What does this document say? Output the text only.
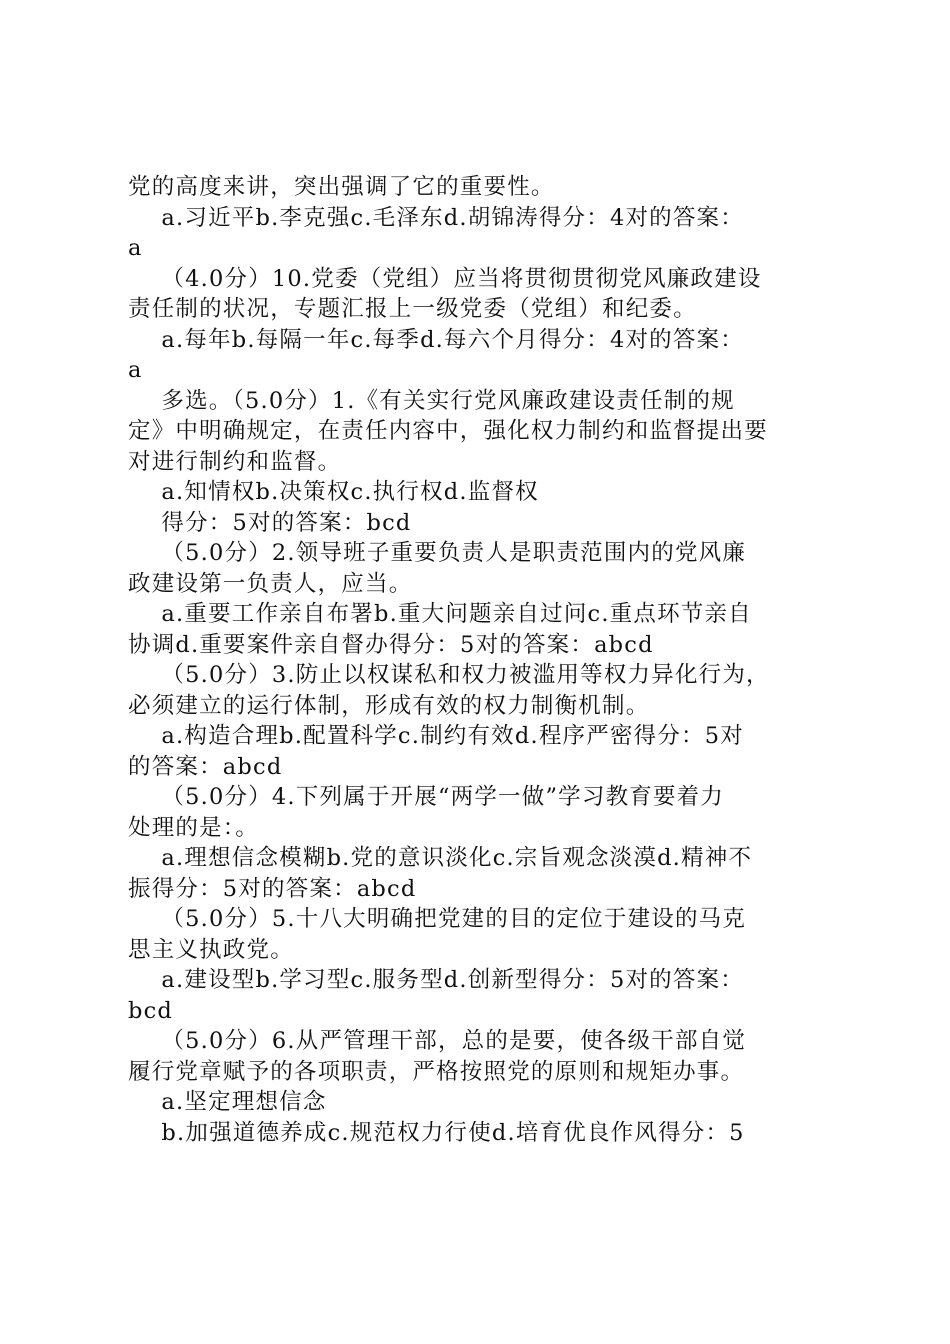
党的高度来讲，突出强调了它的重要性。
a.习近平b.李克强c.毛泽东d.胡锦涛得分：4对的答案：
a
（4.0分）10.党委（党组）应当将贯彻贯彻党风廉政建设
责任制的状况，专题汇报上一级党委（党组）和纪委。
a.每年b.每隔一年c.每季d.每六个月得分：4对的答案：
a
多选。（5.0分）1.《有关实行党风廉政建设责任制的规
定》中明确规定，在责任内容中，强化权力制约和监督提出要
对进行制约和监督。
a.知情权b.决策权c.执行权d.监督权
得分：5对的答案：bcd
（5.0分）2.领导班子重要负责人是职责范围内的党风廉
政建设第一负责人，应当。
a.重要工作亲自布署b.重大问题亲自过问c.重点环节亲自
协调d.重要案件亲自督办得分：5对的答案：abcd
（5.0分）3.防止以权谋私和权力被滥用等权力异化行为，
必须建立的运行体制，形成有效的权力制衡机制。
a.构造合理b.配置科学c.制约有效d.程序严密得分：5对
的答案：abcd
（5.0分）4.下列属于开展“两学一做”学习教育要着力
处理的是：。
a.理想信念模糊b.党的意识淡化c.宗旨观念淡漠d.精神不
振得分：5对的答案：abcd
（5.0分）5.十八大明确把党建的目的定位于建设的马克
思主义执政党。
a.建设型b.学习型c.服务型d.创新型得分：5对的答案：
bcd
（5.0分）6.从严管理干部，总的是要，使各级干部自觉
履行党章赋予的各项职责，严格按照党的原则和规矩办事。
a.坚定理想信念
b.加强道德养成c.规范权力行使d.培育优良作风得分：5
